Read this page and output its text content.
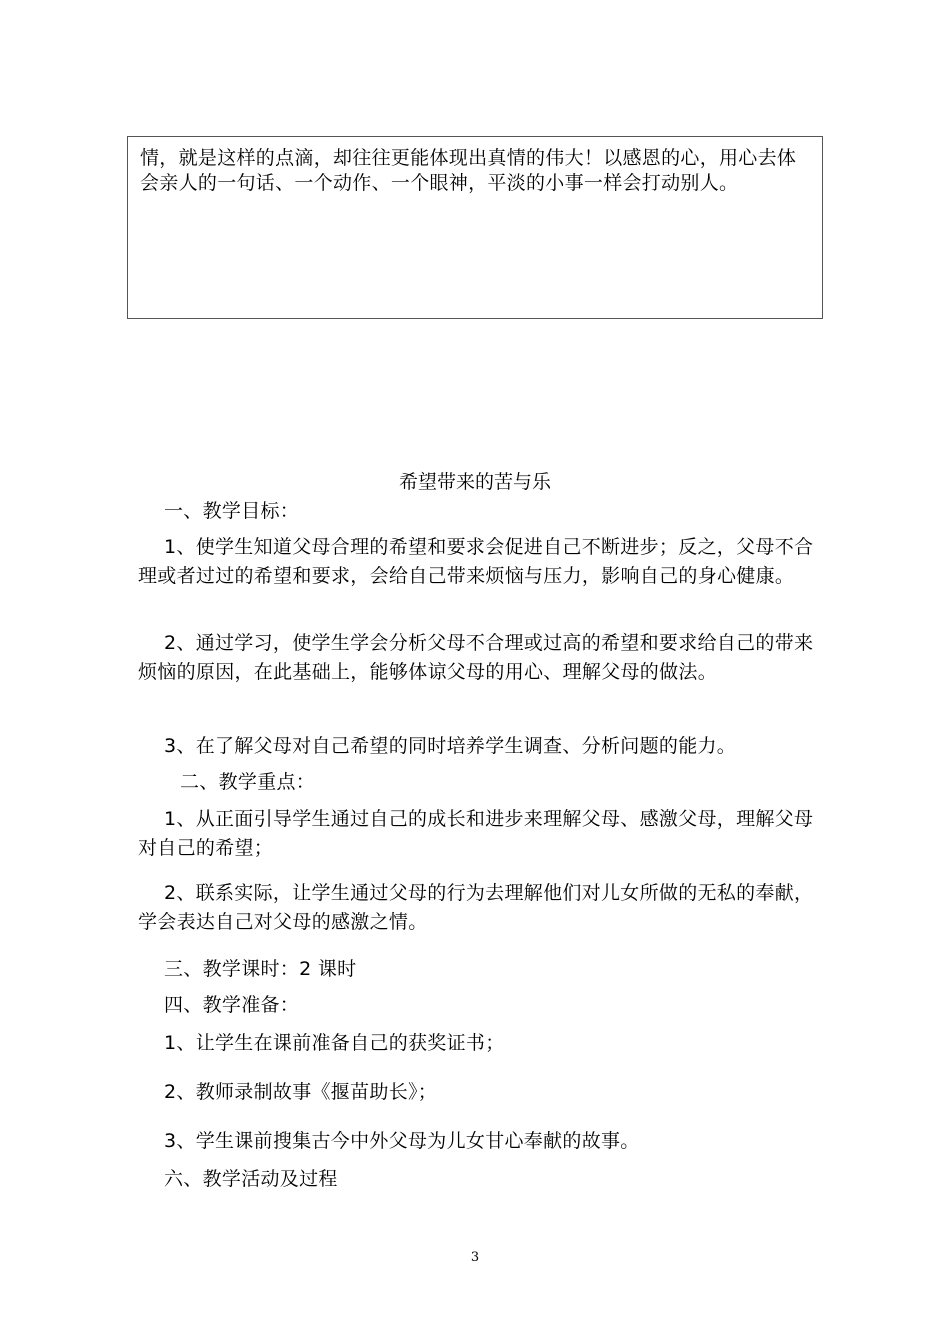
情，就是这样的点滴，却往往更能体现出真情的伟大！以感恩的心，用心去体会亲人的一句话、一个动作、一个眼神，平淡的小事一样会打动别人。
希望带来的苦与乐
一、教学目标：
1、使学生知道父母合理的希望和要求会促进自己不断进步；反之，父母不合理或者过过的希望和要求，会给自己带来烦恼与压力，影响自己的身心健康。
2、通过学习，使学生学会分析父母不合理或过高的希望和要求给自己的带来烦恼的原因，在此基础上，能够体谅父母的用心、理解父母的做法。
3、在了解父母对自己希望的同时培养学生调查、分析问题的能力。
二、教学重点：
1、从正面引导学生通过自己的成长和进步来理解父母、感激父母，理解父母对自己的希望；
2、联系实际，让学生通过父母的行为去理解他们对儿女所做的无私的奉献，学会表达自己对父母的感激之情。
三、教学课时：2 课时
四、教学准备：
1、让学生在课前准备自己的获奖证书；
2、教师录制故事《揠苗助长》；
3、学生课前搜集古今中外父母为儿女甘心奉献的故事。
六、教学活动及过程
3
